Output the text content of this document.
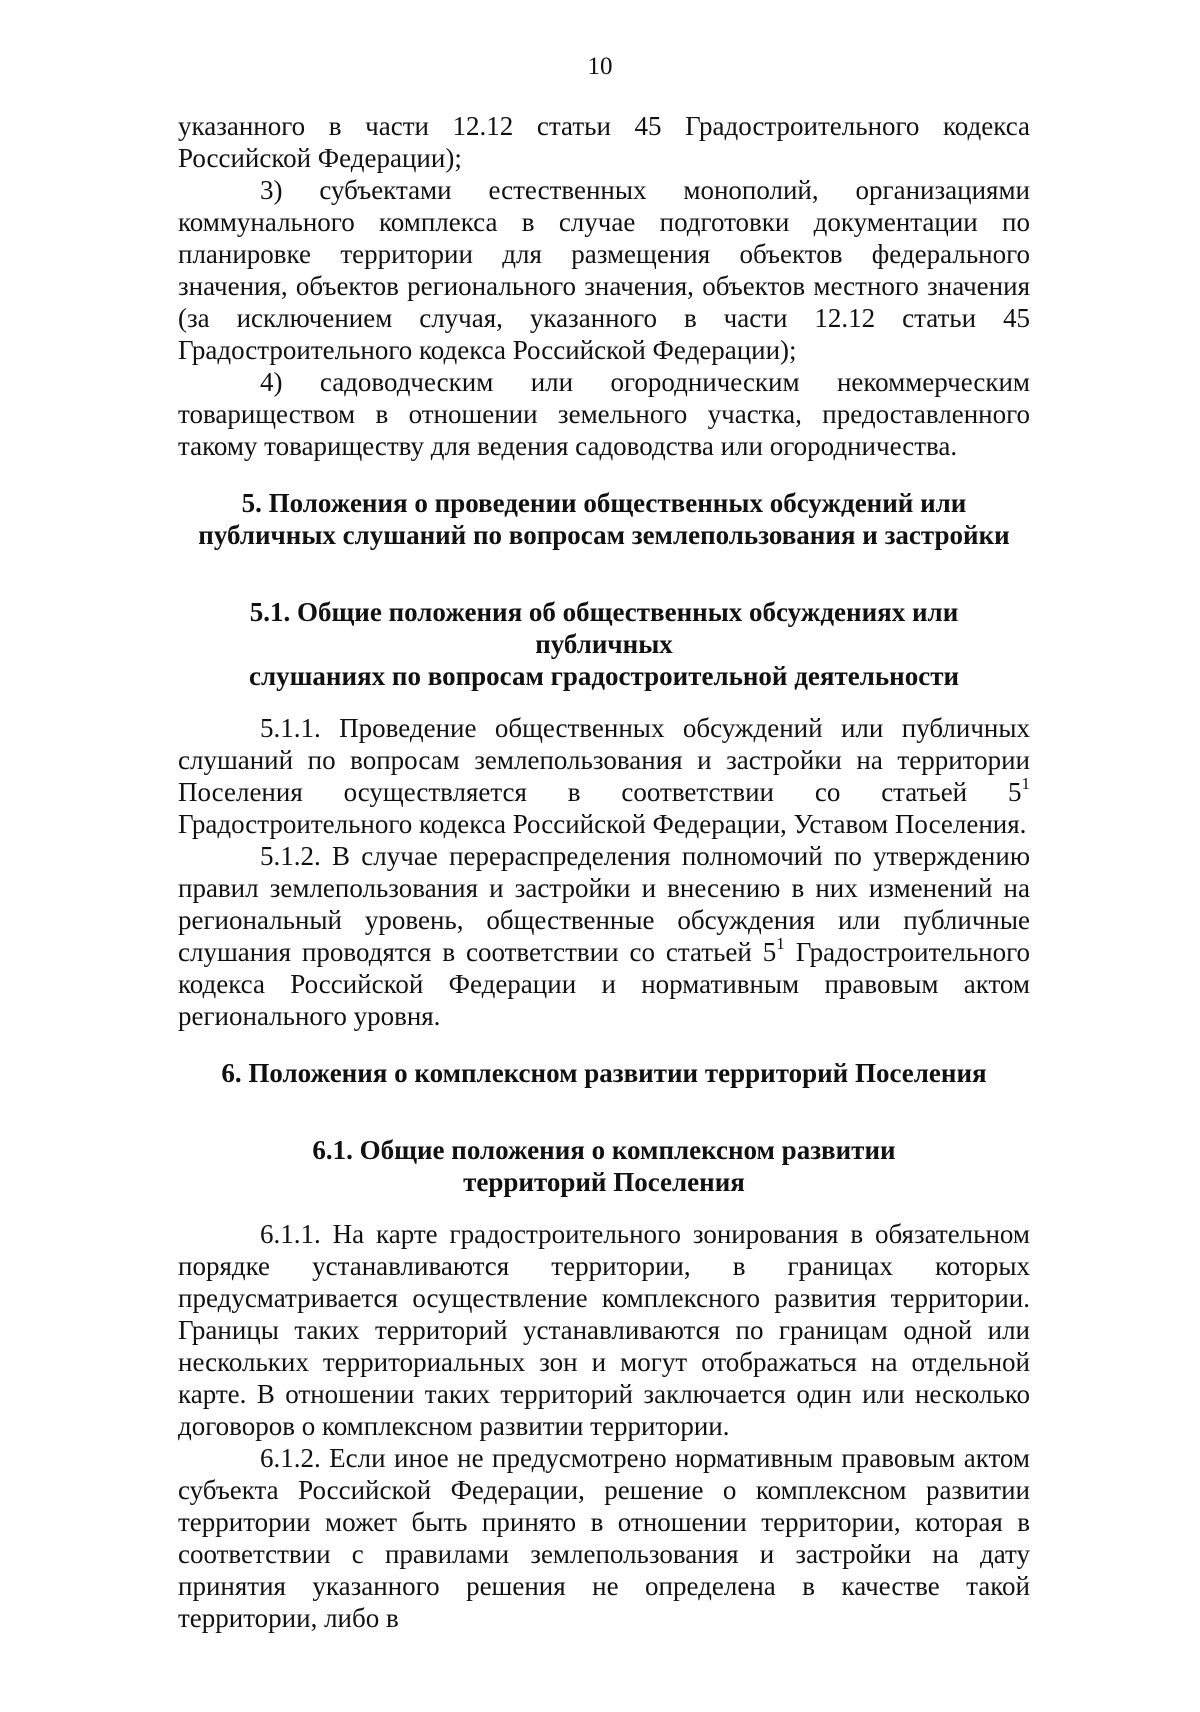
10

указанного в части 12.12 статьи 45 Градостроительного кодекса Российской Федерации);

3) субъектами естественных монополий, организациями коммунального комплекса в случае подготовки документации по планировке территории для размещения объектов федерального значения, объектов регионального значения, объектов местного значения (за исключением случая, указанного в части 12.12 статьи 45 Градостроительного кодекса Российской Федерации);

4) садоводческим или огородническим некоммерческим товариществом в отношении земельного участка, предоставленного такому товариществу для ведения садоводства или огородничества.

5. Положения о проведении общественных обсуждений или
публичных слушаний по вопросам землепользования и застройки
5.1. Общие положения об общественных обсуждениях или публичных
слушаниях по вопросам градостроительной деятельности

5.1.1. Проведение общественных обсуждений или публичных слушаний по вопросам землепользования и застройки на территории Поселения осуществляется в соответствии со статьей $5^1$ Градостроительного кодекса Российской Федерации, Уставом Поселения.

5.1.2. В случае перераспределения полномочий по утверждению правил землепользования и застройки и внесению в них изменений на региональный уровень, общественные обсуждения или публичные слушания проводятся в соответствии со статьей $5^1$ Градостроительного кодекса Российской Федерации и нормативным правовым актом регионального уровня.

6. Положения о комплексном развитии территорий Поселения
6.1. Общие положения о комплексном развитии
территорий Поселения

6.1.1. На карте градостроительного зонирования в обязательном порядке устанавливаются территории, в границах которых предусматривается осуществление комплексного развития территории. Границы таких территорий устанавливаются по границам одной или нескольких территориальных зон и могут отображаться на отдельной карте. В отношении таких территорий заключается один или несколько договоров о комплексном развитии территории.

6.1.2. Если иное не предусмотрено нормативным правовым актом субъекта Российской Федерации, решение о комплексном развитии территории может быть принято в отношении территории, которая в соответствии с правилами землепользования и застройки на дату принятия указанного решения не определена в качестве такой территории, либо в
